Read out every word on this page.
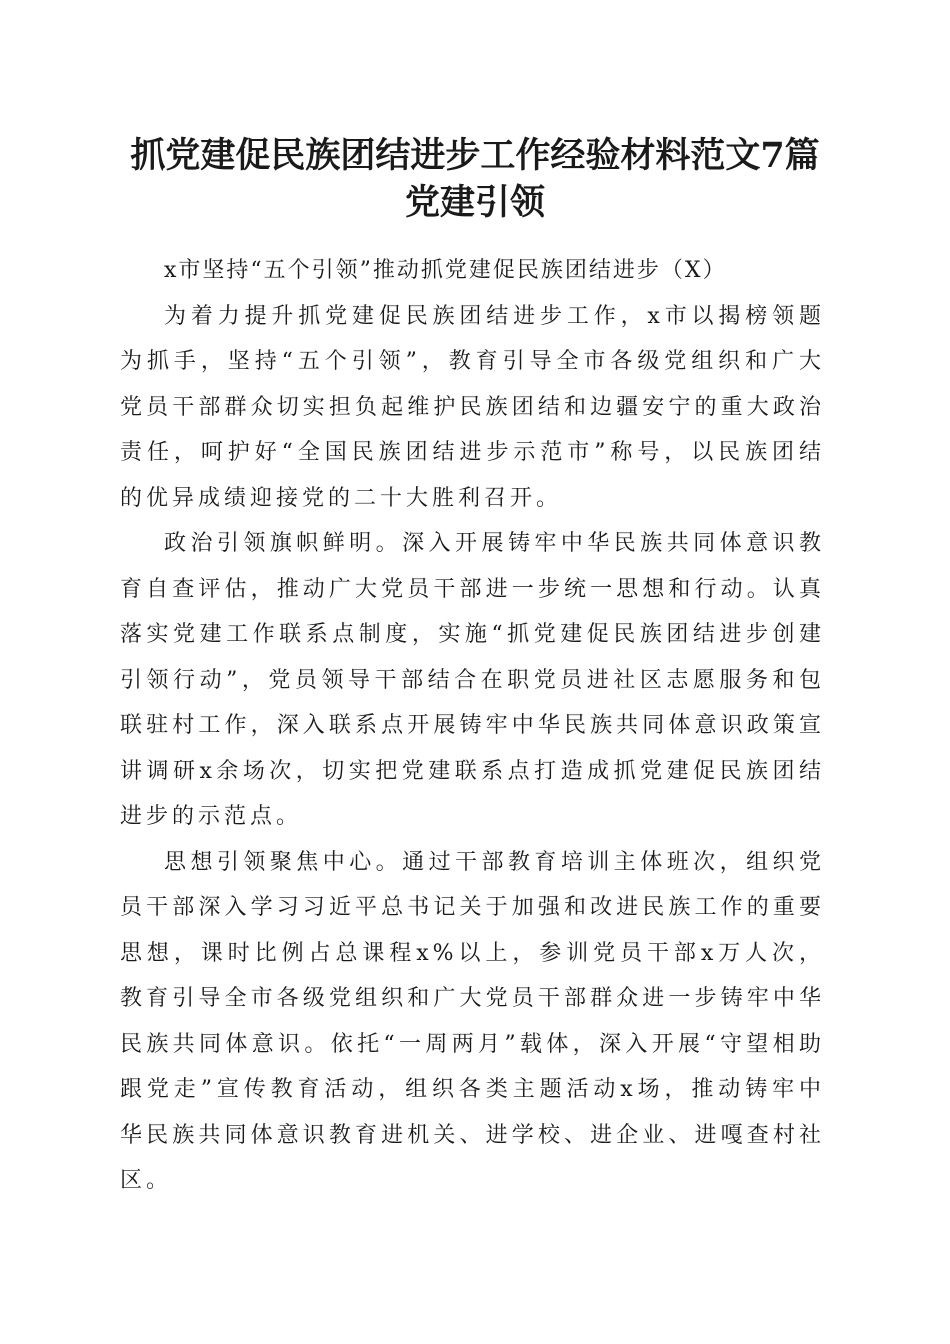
抓党建促民族团结进步工作经验材料范文7篇
党建引领

x市坚持“五个引领”推动抓党建促民族团结进步（X）

为着力提升抓党建促民族团结进步工作，x市以揭榜领题为抓手，坚持“五个引领”，教育引导全市各级党组织和广大党员干部群众切实担负起维护民族团结和边疆安宁的重大政治责任，呵护好“全国民族团结进步示范市”称号，以民族团结的优异成绩迎接党的二十大胜利召开。

政治引领旗帜鲜明。深入开展铸牢中华民族共同体意识教育自查评估，推动广大党员干部进一步统一思想和行动。认真落实党建工作联系点制度，实施“抓党建促民族团结进步创建引领行动”，党员领导干部结合在职党员进社区志愿服务和包联驻村工作，深入联系点开展铸牢中华民族共同体意识政策宣讲调研x余场次，切实把党建联系点打造成抓党建促民族团结进步的示范点。

思想引领聚焦中心。通过干部教育培训主体班次，组织党员干部深入学习习近平总书记关于加强和改进民族工作的重要思想，课时比例占总课程x%以上，参训党员干部x万人次，教育引导全市各级党组织和广大党员干部群众进一步铸牢中华民族共同体意识。依托“一周两月”载体，深入开展“守望相助跟党走”宣传教育活动，组织各类主题活动x场，推动铸牢中华民族共同体意识教育进机关、进学校、进企业、进嘎查村社区。
